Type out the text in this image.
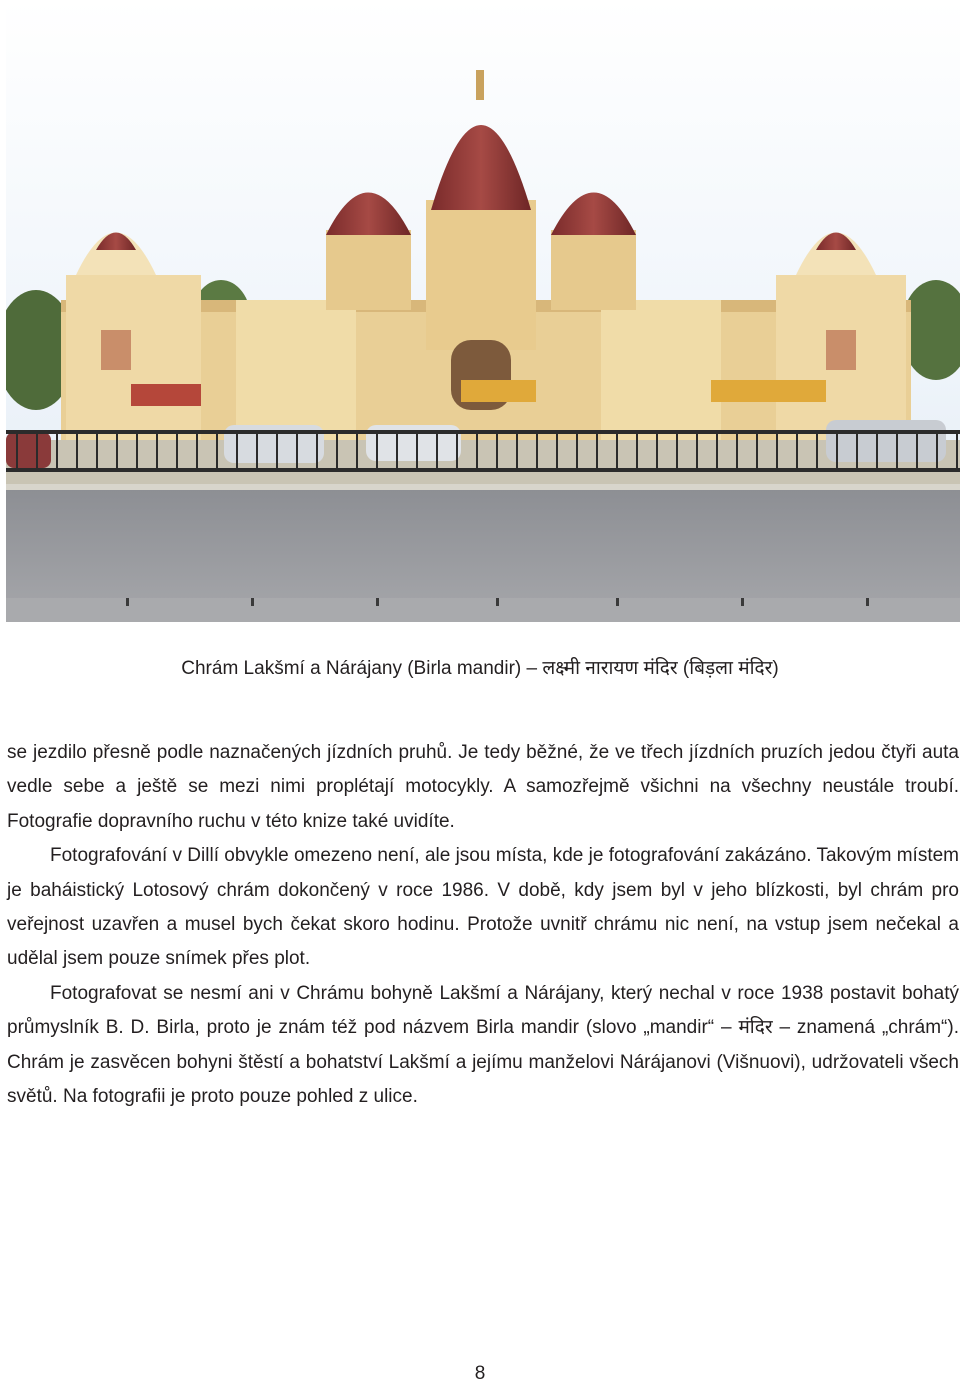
Chrám Lakšmí a Nárájany (Birla mandir) – लक्ष्मी नारायण मंदिर (बिड़ला मंदिर)

se jezdilo přesně podle naznačených jízdních pruhů. Je tedy běžné, že ve třech jízdních pruzích jedou čtyři auta vedle sebe a ještě se mezi nimi proplétají motocykly. A samozřejmě všichni na všechny neustále troubí. Fotografie dopravního ruchu v této knize také uvidíte.

Fotografování v Dillí obvykle omezeno není, ale jsou místa, kde je fotografování zakázáno. Takovým místem je baháistický Lotosový chrám dokončený v roce 1986. V době, kdy jsem byl v jeho blízkosti, byl chrám pro veřejnost uzavřen a musel bych čekat skoro hodinu. Protože uvnitř chrámu nic není, na vstup jsem nečekal a udělal jsem pouze snímek přes plot.

Fotografovat se nesmí ani v Chrámu bohyně Lakšmí a Nárájany, který nechal v roce 1938 postavit bohatý průmyslník B. D. Birla, proto je znám též pod názvem Birla mandir (slovo „mandir“ – मंदिर – znamená „chrám“). Chrám je zasvěcen bohyni štěstí a bohatství Lakšmí a jejímu manželovi Nárájanovi (Višnuovi), udržovateli všech světů. Na fotografii je proto pouze pohled z ulice.

8
